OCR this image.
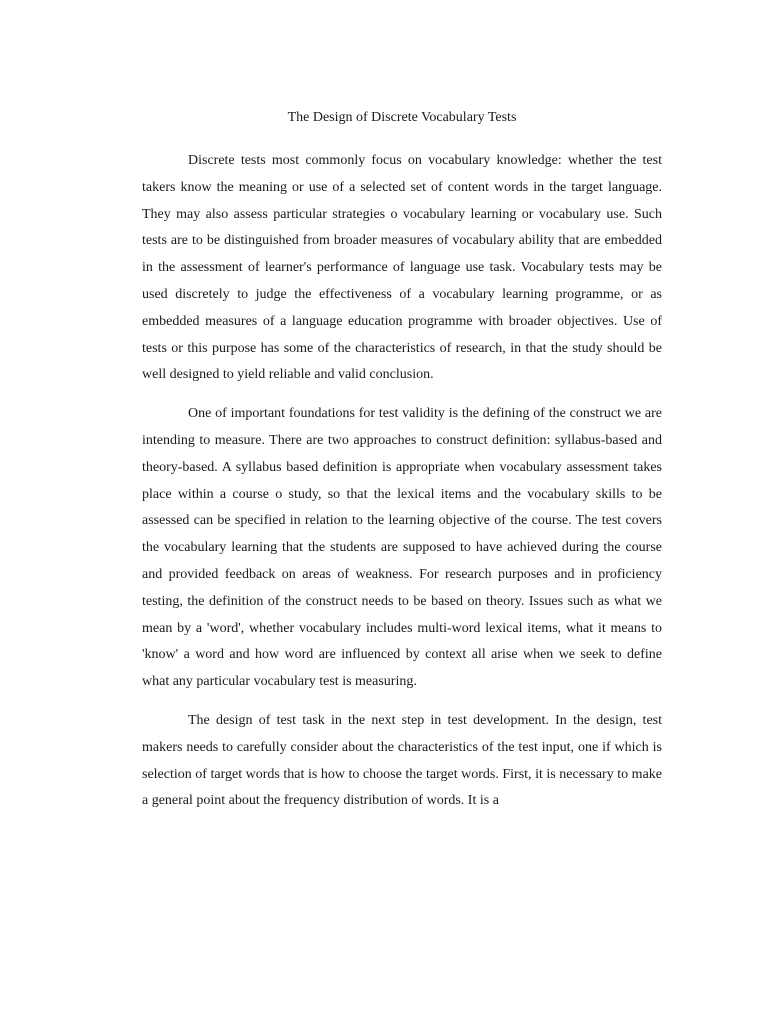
The Design of Discrete Vocabulary Tests

Discrete tests most commonly focus on vocabulary knowledge: whether the test takers know the meaning or use of a selected set of content words in the target language. They may also assess particular strategies o vocabulary learning or vocabulary use. Such tests are to be distinguished from broader measures of vocabulary ability that are embedded in the assessment of learner's performance of language use task. Vocabulary tests may be used discretely to judge the effectiveness of a vocabulary learning programme, or as embedded measures of a language education programme with broader objectives. Use of tests or this purpose has some of the characteristics of research, in that the study should be well designed to yield reliable and valid conclusion.

One of important foundations for test validity is the defining of the construct we are intending to measure. There are two approaches to construct definition: syllabus-based and theory-based. A syllabus based definition is appropriate when vocabulary assessment takes place within a course o study, so that the lexical items and the vocabulary skills to be assessed can be specified in relation to the learning objective of the course. The test covers the vocabulary learning that the students are supposed to have achieved during the course and provided feedback on areas of weakness. For research purposes and in proficiency testing, the definition of the construct needs to be based on theory. Issues such as what we mean by a 'word', whether vocabulary includes multi-word lexical items, what it means to 'know' a word and how word are influenced by context all arise when we seek to define what any particular vocabulary test is measuring.

The design of test task in the next step in test development. In the design, test makers needs to carefully consider about the characteristics of the test input, one if which is selection of target words that is how to choose the target words. First, it is necessary to make a general point about the frequency distribution of words. It is a
